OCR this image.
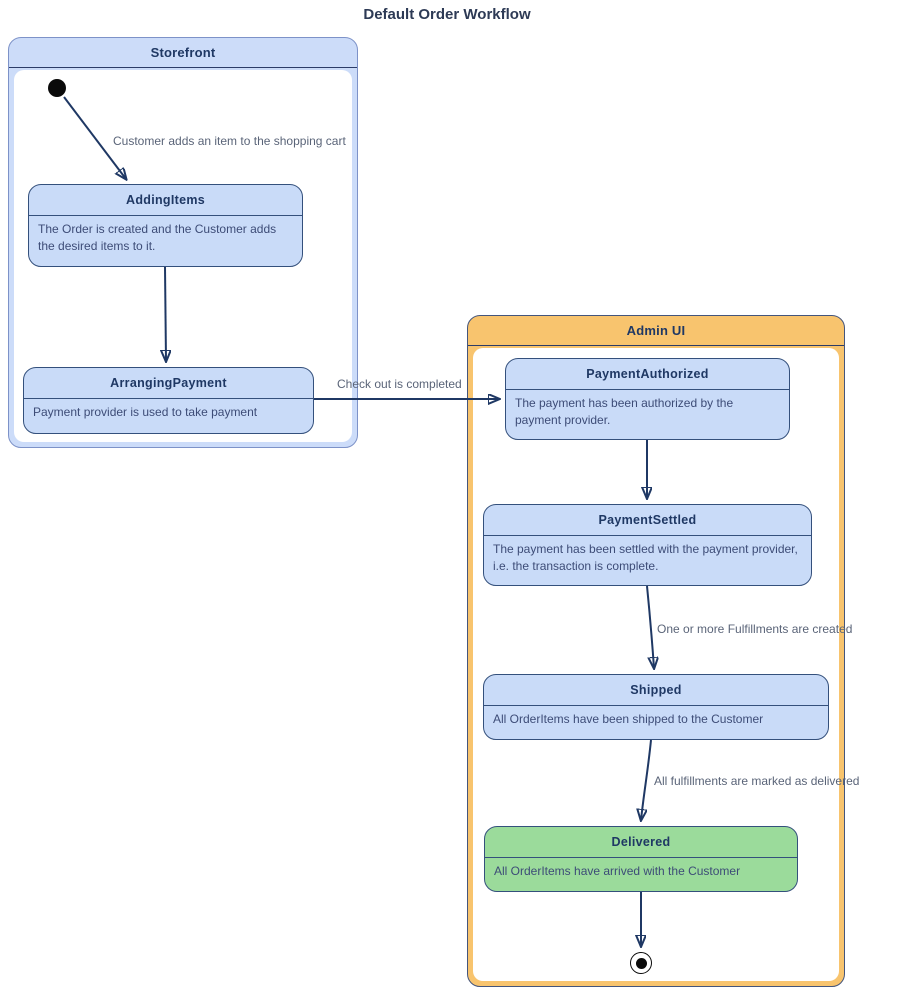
Default Order Workflow
Storefront
Admin UI
AddingItems
The Order is created and the Customer adds the desired items to it.
ArrangingPayment
Payment provider is used to take payment
PaymentAuthorized
The payment has been authorized by the payment provider.
PaymentSettled
The payment has been settled with the payment provider, i.e. the transaction is complete.
Shipped
All OrderItems have been shipped to the Customer
Delivered
All OrderItems have arrived with the Customer
Customer adds an item to the shopping cart
Check out is completed
One or more Fulfillments are created
All fulfillments are marked as delivered
